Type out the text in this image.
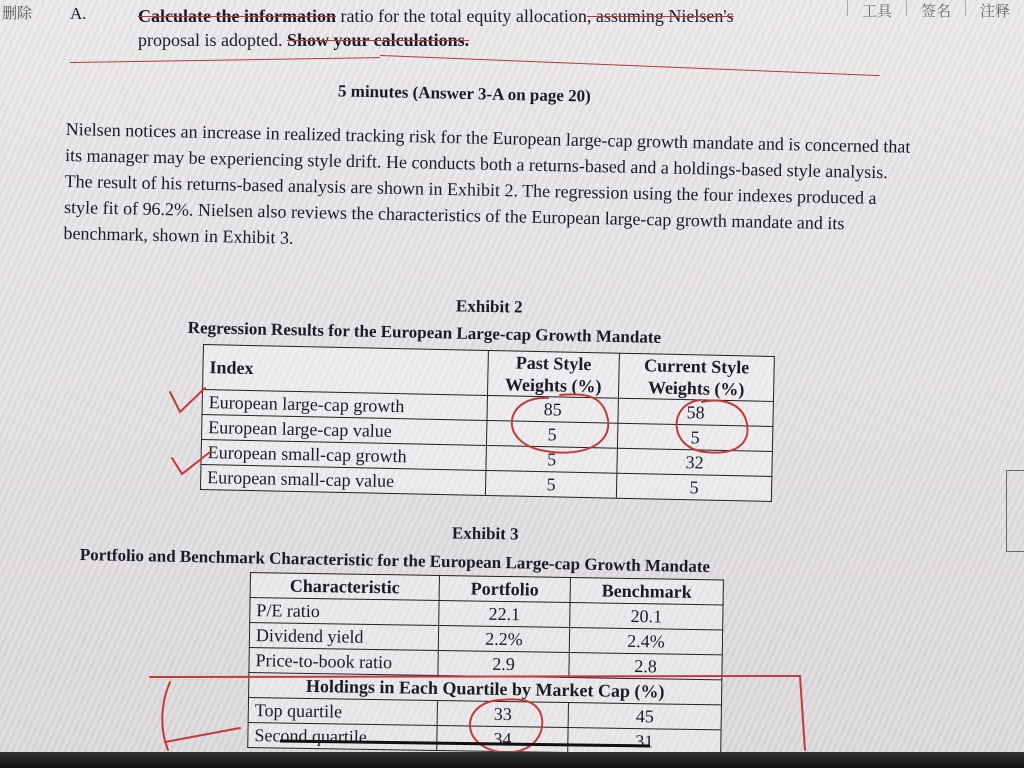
删除	工具	签名	注释
A.	Calculate the information ratio for the total equity allocation, assuming Nielsen's
proposal is adopted. Show your calculations.
5 minutes (Answer 3-A on page 20)
Nielsen notices an increase in realized tracking risk for the European large-cap growth mandate and is concerned that its manager may be experiencing style drift. He conducts both a returns-based and a holdings-based style analysis. The result of his returns-based analysis are shown in Exhibit 2. The regression using the four indexes produced a style fit of 96.2%. Nielsen also reviews the characteristics of the European large-cap growth mandate and its benchmark, shown in Exhibit 3.
Exhibit 2
Regression Results for the European Large-cap Growth Mandate
Index	Past Style Weights (%)	Current Style Weights (%)
European large-cap growth	85	58
European large-cap value	5	5
European small-cap growth	5	32
European small-cap value	5	5
Exhibit 3
Portfolio and Benchmark Characteristic for the European Large-cap Growth Mandate
Characteristic	Portfolio	Benchmark
P/E ratio	22.1	20.1
Dividend yield	2.2%	2.4%
Price-to-book ratio	2.9	2.8
Holdings in Each Quartile by Market Cap (%)		
Top quartile	33	45
Second quartile	34	31
